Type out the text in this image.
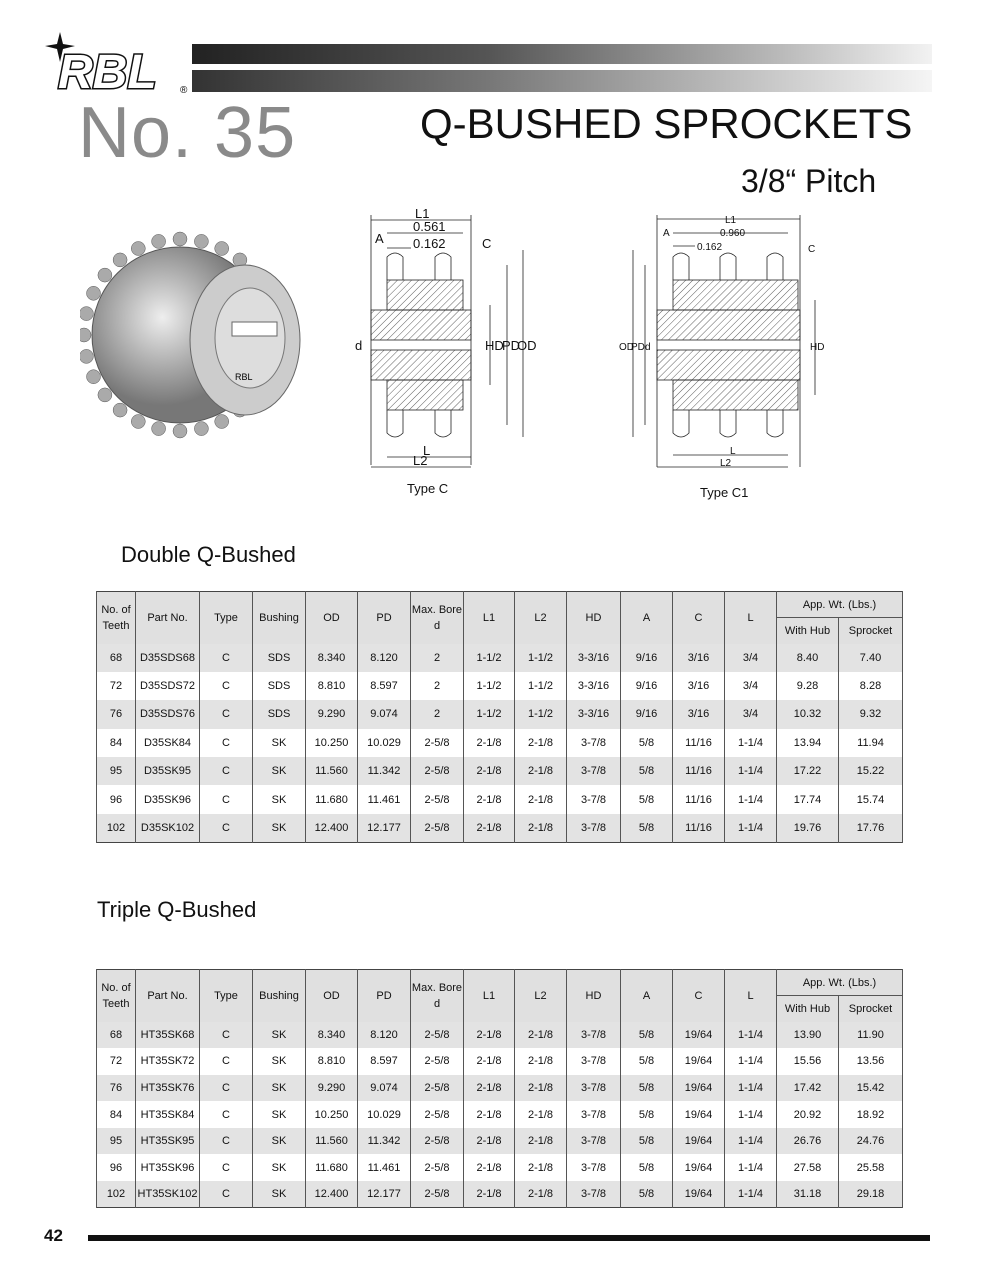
RBL ®
No. 35	Q-BUSHED SPROCKETS
3/8“ Pitch
RBL
L1
0.561
0.162
A	C
d	HD
PD
OD
L
L2
Type C
L1
0.960
0.162
A
C
OD
PD d	HD
L
L2
Type C1
Double Q-Bushed
No. of Teeth	Part No.	Type	Bushing	OD	PD	Max. Bore d	L1	L2	HD	A	C	L	App. Wt. (Lbs.)	
													With Hub	Sprocket
68	D35SDS68	C	SDS	8.340	8.120	2	1-1/2	1-1/2	3-3/16	9/16	3/16	3/4	8.40	7.40
72	D35SDS72	C	SDS	8.810	8.597	2	1-1/2	1-1/2	3-3/16	9/16	3/16	3/4	9.28	8.28
76	D35SDS76	C	SDS	9.290	9.074	2	1-1/2	1-1/2	3-3/16	9/16	3/16	3/4	10.32	9.32
84	D35SK84	C	SK	10.250	10.029	2-5/8	2-1/8	2-1/8	3-7/8	5/8	11/16	1-1/4	13.94	11.94
95	D35SK95	C	SK	11.560	11.342	2-5/8	2-1/8	2-1/8	3-7/8	5/8	11/16	1-1/4	17.22	15.22
96	D35SK96	C	SK	11.680	11.461	2-5/8	2-1/8	2-1/8	3-7/8	5/8	11/16	1-1/4	17.74	15.74
102	D35SK102	C	SK	12.400	12.177	2-5/8	2-1/8	2-1/8	3-7/8	5/8	11/16	1-1/4	19.76	17.76
Triple Q-Bushed
No. of Teeth	Part No.	Type	Bushing	OD	PD	Max. Bore d	L1	L2	HD	A	C	L	App. Wt. (Lbs.)	
													With Hub	Sprocket
68	HT35SK68	C	SK	8.340	8.120	2-5/8	2-1/8	2-1/8	3-7/8	5/8	19/64	1-1/4	13.90	11.90
72	HT35SK72	C	SK	8.810	8.597	2-5/8	2-1/8	2-1/8	3-7/8	5/8	19/64	1-1/4	15.56	13.56
76	HT35SK76	C	SK	9.290	9.074	2-5/8	2-1/8	2-1/8	3-7/8	5/8	19/64	1-1/4	17.42	15.42
84	HT35SK84	C	SK	10.250	10.029	2-5/8	2-1/8	2-1/8	3-7/8	5/8	19/64	1-1/4	20.92	18.92
95	HT35SK95	C	SK	11.560	11.342	2-5/8	2-1/8	2-1/8	3-7/8	5/8	19/64	1-1/4	26.76	24.76
96	HT35SK96	C	SK	11.680	11.461	2-5/8	2-1/8	2-1/8	3-7/8	5/8	19/64	1-1/4	27.58	25.58
102	HT35SK102	C	SK	12.400	12.177	2-5/8	2-1/8	2-1/8	3-7/8	5/8	19/64	1-1/4	31.18	29.18
42
